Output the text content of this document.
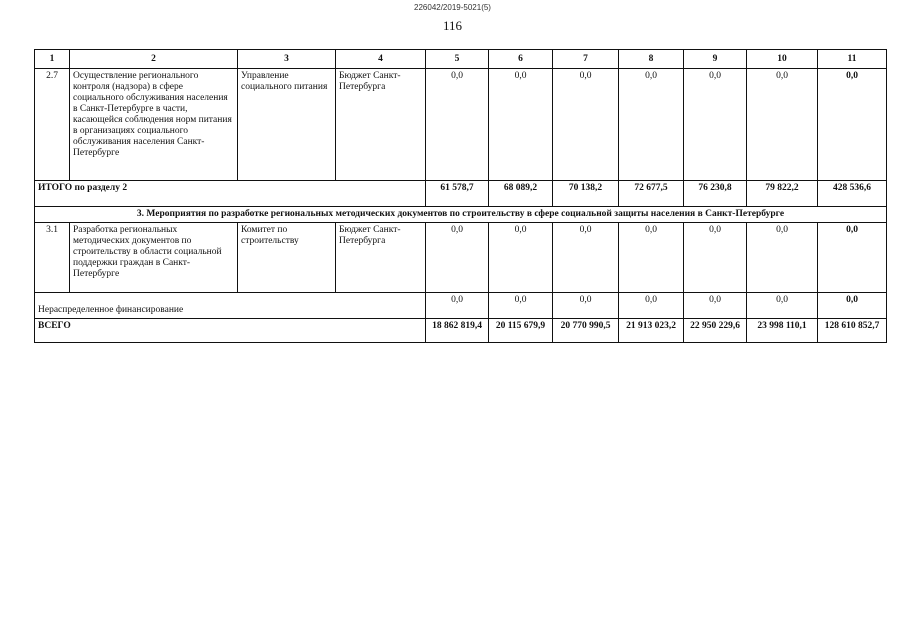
226042/2019-5021(5)
116
1	2	3	4	5	6	7	8	9	10	11
2.7	Осуществление регионального контроля (надзора) в сфере социального обслуживания населения в Санкт-Петербурге в части, касающейся соблюдения норм питания в организациях социального обслуживания населения Санкт-Петербурге	Управление социального питания	Бюджет Санкт-Петербурга	0,0	0,0	0,0	0,0	0,0	0,0	0,0
ИТОГО по разделу 2				61 578,7	68 089,2	70 138,2	72 677,5	76 230,8	79 822,2	428 536,6
3. Мероприятия по разработке региональных методических документов по строительству в сфере социальной защиты населения в Санкт-Петербурге										
3.1	Разработка региональных методических документов по строительству в области социальной поддержки граждан в Санкт-Петербурге	Комитет по строительству	Бюджет Санкт-Петербурга	0,0	0,0	0,0	0,0	0,0	0,0	0,0
Нераспределенное финансирование				0,0	0,0	0,0	0,0	0,0	0,0	0,0
ВСЕГО				18 862 819,4	20 115 679,9	20 770 990,5	21 913 023,2	22 950 229,6	23 998 110,1	128 610 852,7
